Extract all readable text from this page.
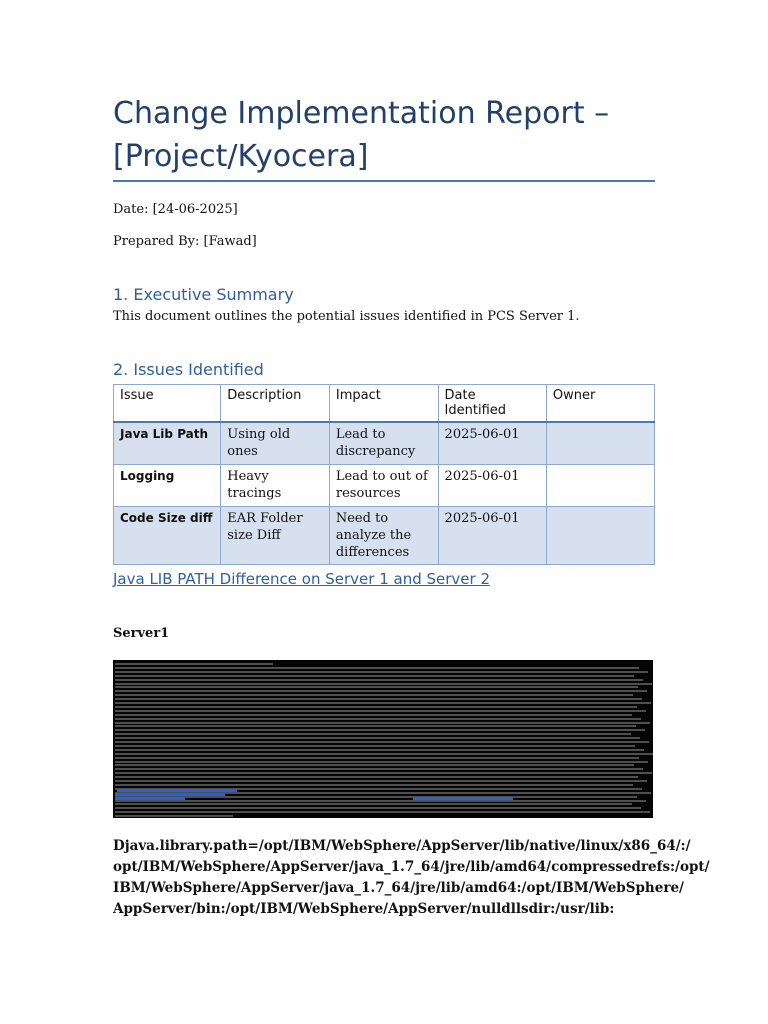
Change Implementation Report –
[Project/Kyocera]
Date: [24-06-2025]
Prepared By: [Fawad]
1. Executive Summary
This document outlines the potential issues identified in PCS Server 1.
2. Issues Identified
Issue	Description	Impact	Date Identified	Owner
Java Lib Path	Using old ones	Lead to discrepancy	2025-06-01	
Logging	Heavy tracings	Lead to out of resources	2025-06-01	
Code Size diff	EAR Folder size Diff	Need to analyze the differences	2025-06-01	
Java LIB PATH Difference on Server 1 and Server 2
Server1
Djava.library.path=/opt/IBM/WebSphere/AppServer/lib/native/linux/x86_64/:/
opt/IBM/WebSphere/AppServer/java_1.7_64/jre/lib/amd64/compressedrefs:/opt/
IBM/WebSphere/AppServer/java_1.7_64/jre/lib/amd64:/opt/IBM/WebSphere/
AppServer/bin:/opt/IBM/WebSphere/AppServer/nulldllsdir:/usr/lib:
